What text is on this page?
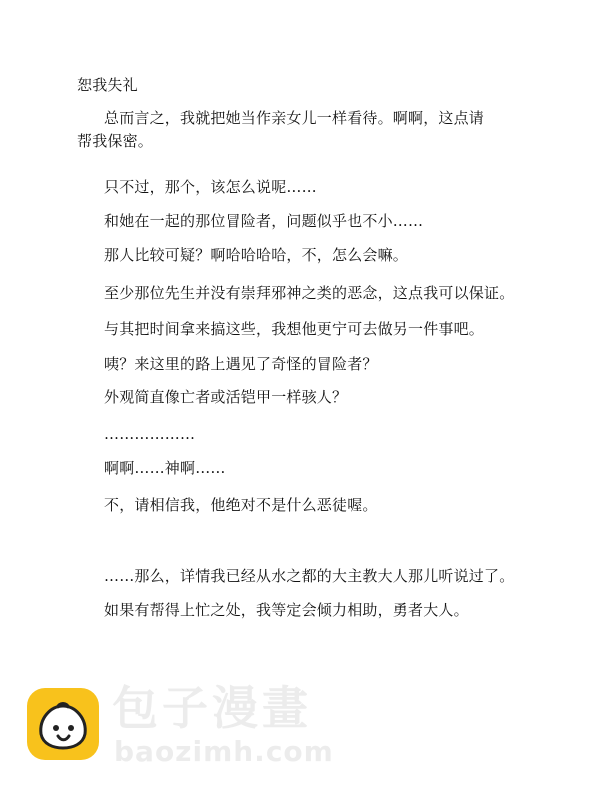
恕我失礼
总而言之，我就把她当作亲女儿一样看待。啊啊，这点请帮我保密。
只不过，那个，该怎么说呢……
和她在一起的那位冒险者，问题似乎也不小……
那人比较可疑？啊哈哈哈哈，不，怎么会嘛。
至少那位先生并没有崇拜邪神之类的恶念，这点我可以保证。
与其把时间拿来搞这些，我想他更宁可去做另一件事吧。
咦？来这里的路上遇见了奇怪的冒险者？
外观简直像亡者或活铠甲一样骇人？
………………
啊啊……神啊……
不，请相信我，他绝对不是什么恶徒喔。
……那么，详情我已经从水之都的大主教大人那儿听说过了。
如果有帮得上忙之处，我等定会倾力相助，勇者大人。
包子漫畫
baozimh.com
